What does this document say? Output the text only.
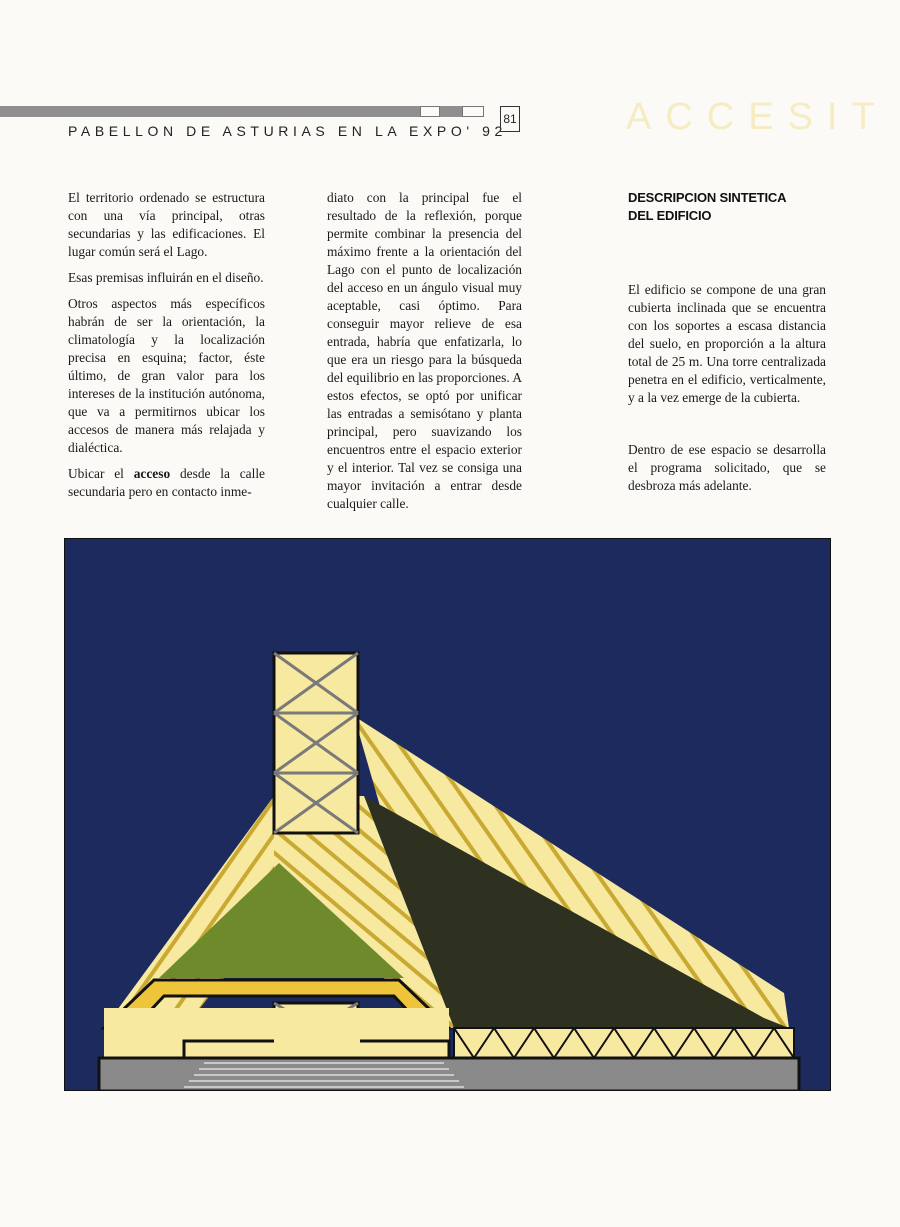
PABELLON DE ASTURIAS EN LA EXPO' 92
81	ACCESIT

El territorio ordenado se estructura con una vía principal, otras secundarias y las edificaciones. El lugar común será el Lago.

Esas premisas influirán en el diseño.

Otros aspectos más específicos habrán de ser la orientación, la climatología y la localización precisa en esquina; factor, éste último, de gran valor para los intereses de la institución autónoma, que va a permitirnos ubicar los accesos de manera más relajada y dialéctica.

Ubicar el acceso desde la calle secundaria pero en contacto inme-

diato con la principal fue el resultado de la reflexión, porque permite combinar la presencia del máximo frente a la orientación del Lago con el punto de localización del acceso en un ángulo visual muy aceptable, casi óptimo. Para conseguir mayor relieve de esa entrada, habría que enfatizarla, lo que era un riesgo para la búsqueda del equilibrio en las proporciones. A estos efectos, se optó por unificar las entradas a semisótano y planta principal, pero suavizando los encuentros entre el espacio exterior y el interior. Tal vez se consiga una mayor invitación a entrar desde cualquier calle.

DESCRIPCION SINTETICA
DEL EDIFICIO

El edificio se compone de una gran cubierta inclinada que se encuentra con los soportes a escasa distancia del suelo, en proporción a la altura total de 25 m. Una torre centralizada penetra en el edificio, verticalmente, y a la vez emerge de la cubierta.

Dentro de ese espacio se desarrolla el programa solicitado, que se desbroza más adelante.
